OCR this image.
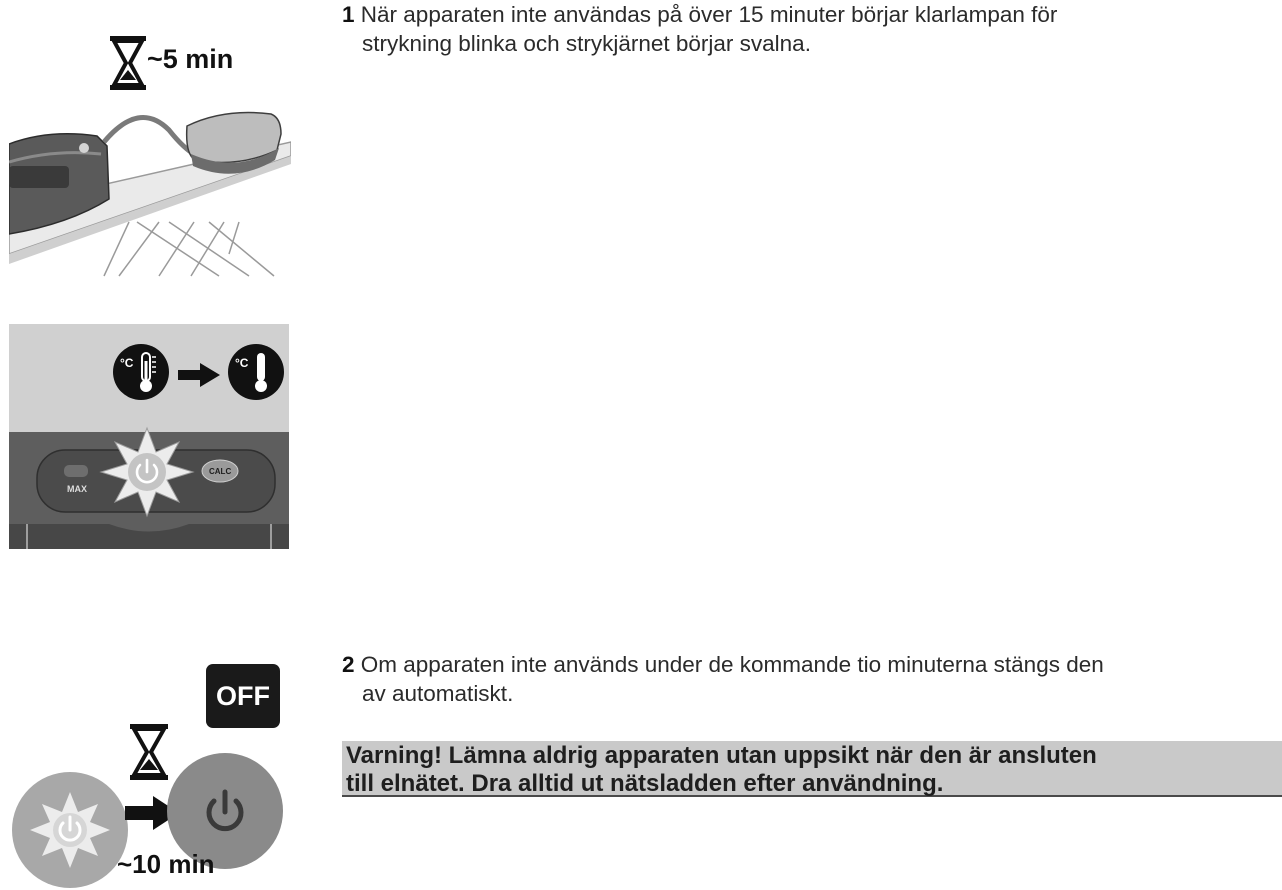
1 När apparaten inte användas på över 15 minuter börjar klarlampan för
strykning blinka och strykjärnet börjar svalna.
2 Om apparaten inte används under de kommande tio minuterna stängs den
av automatiskt.
Varning! Lämna aldrig apparaten utan uppsikt när den är ansluten
till elnätet. Dra alltid ut nätsladden efter användning.
~5 min
MAX
CALC
°C	°C
OFF
~10 min
